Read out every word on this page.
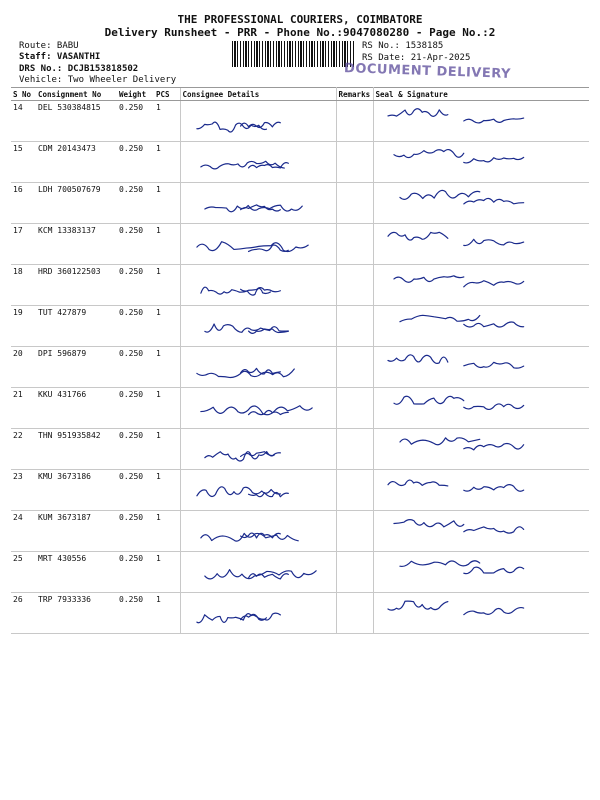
THE PROFESSIONAL COURIERS, COIMBATORE
Delivery Runsheet - PRR - Phone No.:9047080280 - Page No.:2
Route: BABU
Staff: VASANTHI
DRS No.: DCJB153818502
Vehicle: Two Wheeler Delivery
RS No.: 1538185
RS Date: 21-Apr-2025
DOCUMENT DELIVERY
S No	Consignment No	Weight	PCS	Consignee Details	Remarks	Seal & Signature
14	DEL 530384815	0.250	1	

15	CDM 20143473	0.250	1	

16	LDH 700507679	0.250	1	

17	KCM 13383137	0.250	1	

18	HRD 360122503	0.250	1	

19	TUT 427879	0.250	1	

20	DPI 596879	0.250	1	

21	KKU 431766	0.250	1	

22	THN 951935842	0.250	1	

23	KMU 3673186	0.250	1	

24	KUM 3673187	0.250	1	

25	MRT 430556	0.250	1	

26	TRP 7933336	0.250	1	
